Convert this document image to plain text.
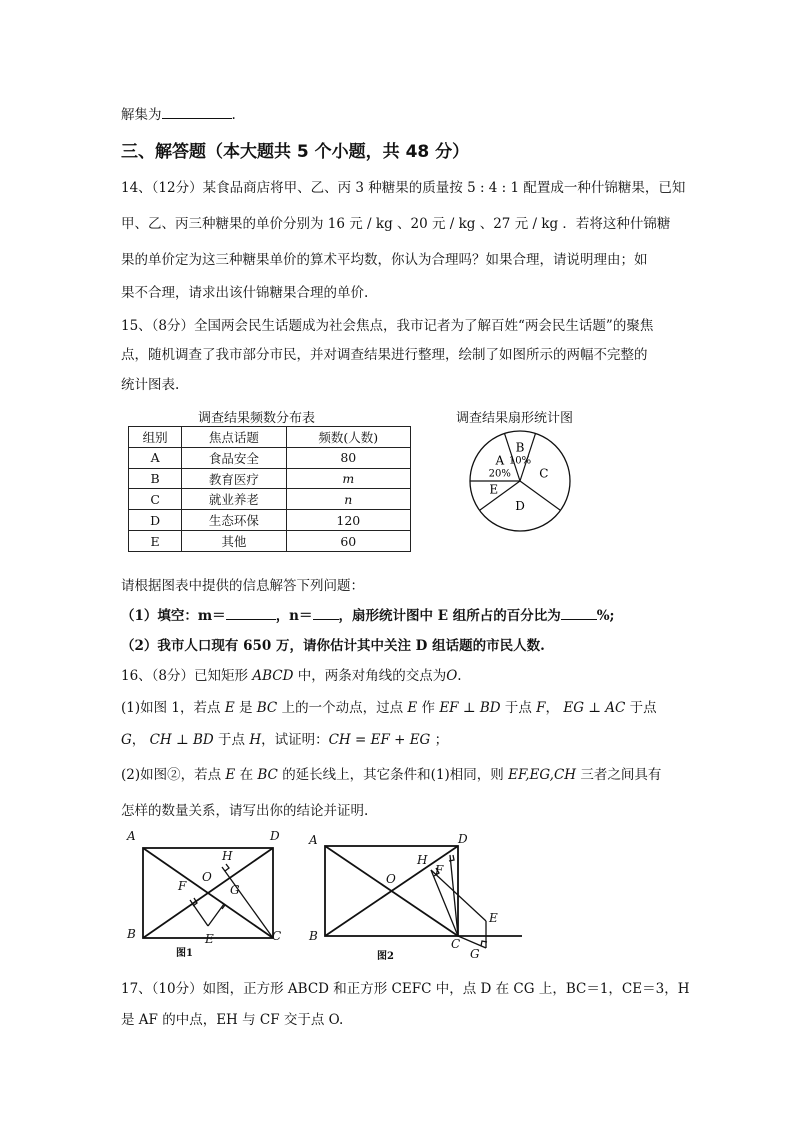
解集为	.
三、解答题（本大题共 5 个小题，共 48 分）
14、（12分）某食品商店将甲、乙、丙 3 种糖果的质量按 5 : 4 : 1 配置成一种什锦糖果，已知
甲、乙、丙三种糖果的单价分别为 16 元 / kg 、20 元 / kg 、27 元 / kg ．若将这种什锦糖
果的单价定为这三种糖果单价的算术平均数，你认为合理吗？如果合理，请说明理由；如
果不合理，请求出该什锦糖果合理的单价.
15、（8分）全国两会民生话题成为社会焦点，我市记者为了解百姓“两会民生话题”的聚焦
点，随机调查了我市部分市民，并对调查结果进行整理，绘制了如图所示的两幅不完整的
统计图表.
调查结果频数分布表
组别	焦点话题	频数(人数)
A	食品安全	80
B	教育医疗	m
C	就业养老	n
D	生态环保	120
E	其他	60
调查结果扇形统计图
B
10%
C
D
E
A
20%
请根据图表中提供的信息解答下列问题：
（1）填空：m＝	，n＝ ，扇形统计图中 E 组所占的百分比为	%;
（2）我市人口现有 650 万，请你估计其中关注 D 组话题的市民人数.
16、（8分）已知矩形 ABCD 中，两条对角线的交点为O.
(1)如图 1，若点 E 是 BC 上的一个动点，过点 E 作 EF ⊥ BD 于点 F， EG ⊥ AC 于点
G， CH ⊥ BD 于点 H，试证明：CH = EF + EG ；
(2)如图②，若点 E 在 BC 的延长线上，其它条件和(1)相同，则 EF,EG,CH 三者之间具有
怎样的数量关系，请写出你的结论并证明.
A	D
B	C
O
H
F	G
E
图1
A	D
B
C
O
H
F
E
G
图2
17、（10分）如图，正方形 ABCD 和正方形 CEFC 中，点 D 在 CG 上，BC＝1，CE＝3，H
是 AF 的中点，EH 与 CF 交于点 O.
